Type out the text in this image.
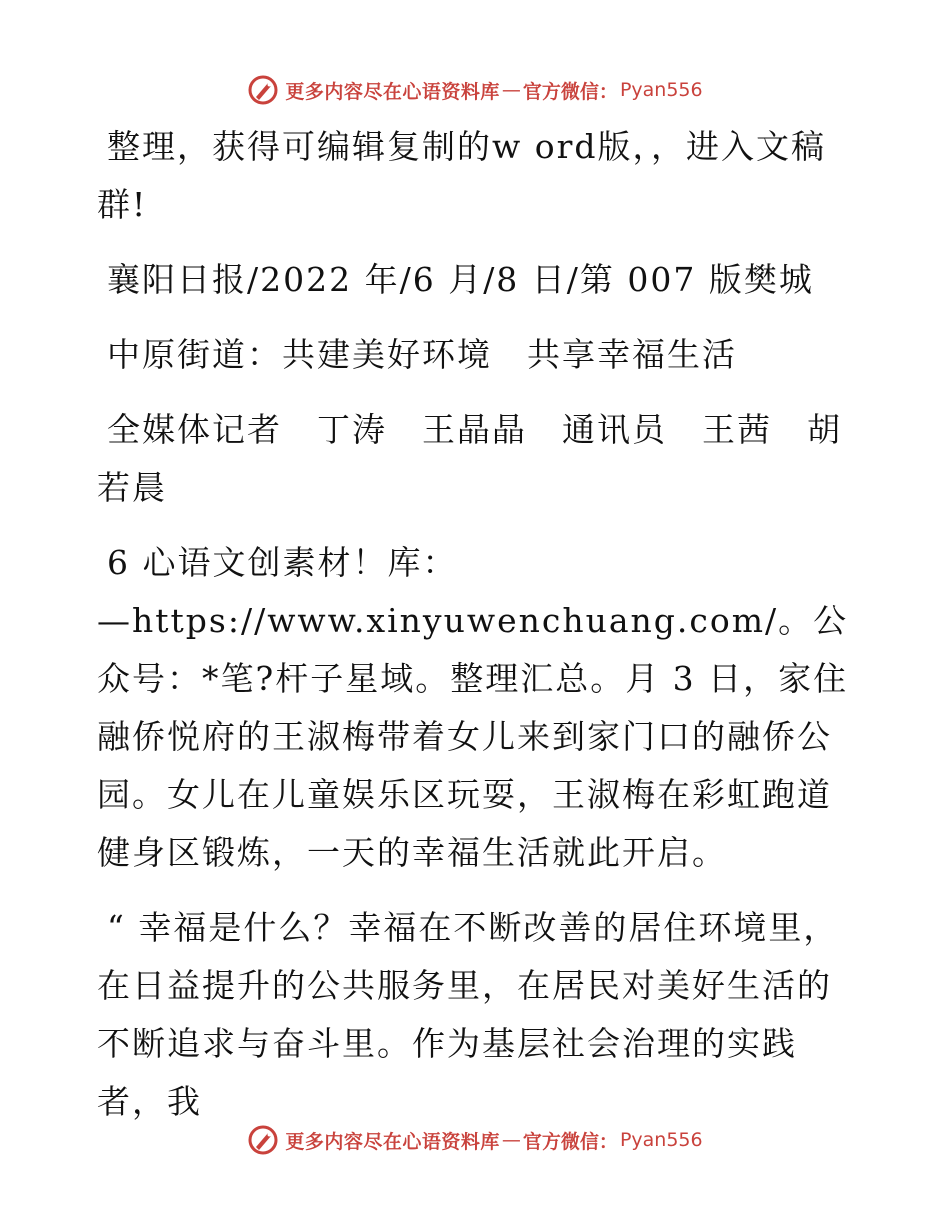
更多内容尽在心语资料库 — 官方微信： Pyan556

整理，获得可编辑复制的w ord版，，进入文稿群!

襄阳日报/2022 年/6 月/8 日/第 007 版樊城

中原街道：共建美好环境　共享幸福生活

全媒体记者　丁涛　王晶晶　通讯员　王茜　胡若晨

6 心语文创素材！库：

—https://www.xinyuwenchuang.com/。公众号：*笔?杆子星域。整理汇总。月 3 日，家住融侨悦府的王淑梅带着女儿来到家门口的融侨公园。女儿在儿童娱乐区玩耍，王淑梅在彩虹跑道健身区锻炼，一天的幸福生活就此开启。

“ 幸福是什么？幸福在不断改善的居住环境里，在日益提升的公共服务里，在居民对美好生活的不断追求与奋斗里。作为基层社会治理的实践者，我

更多内容尽在心语资料库 — 官方微信： Pyan556
